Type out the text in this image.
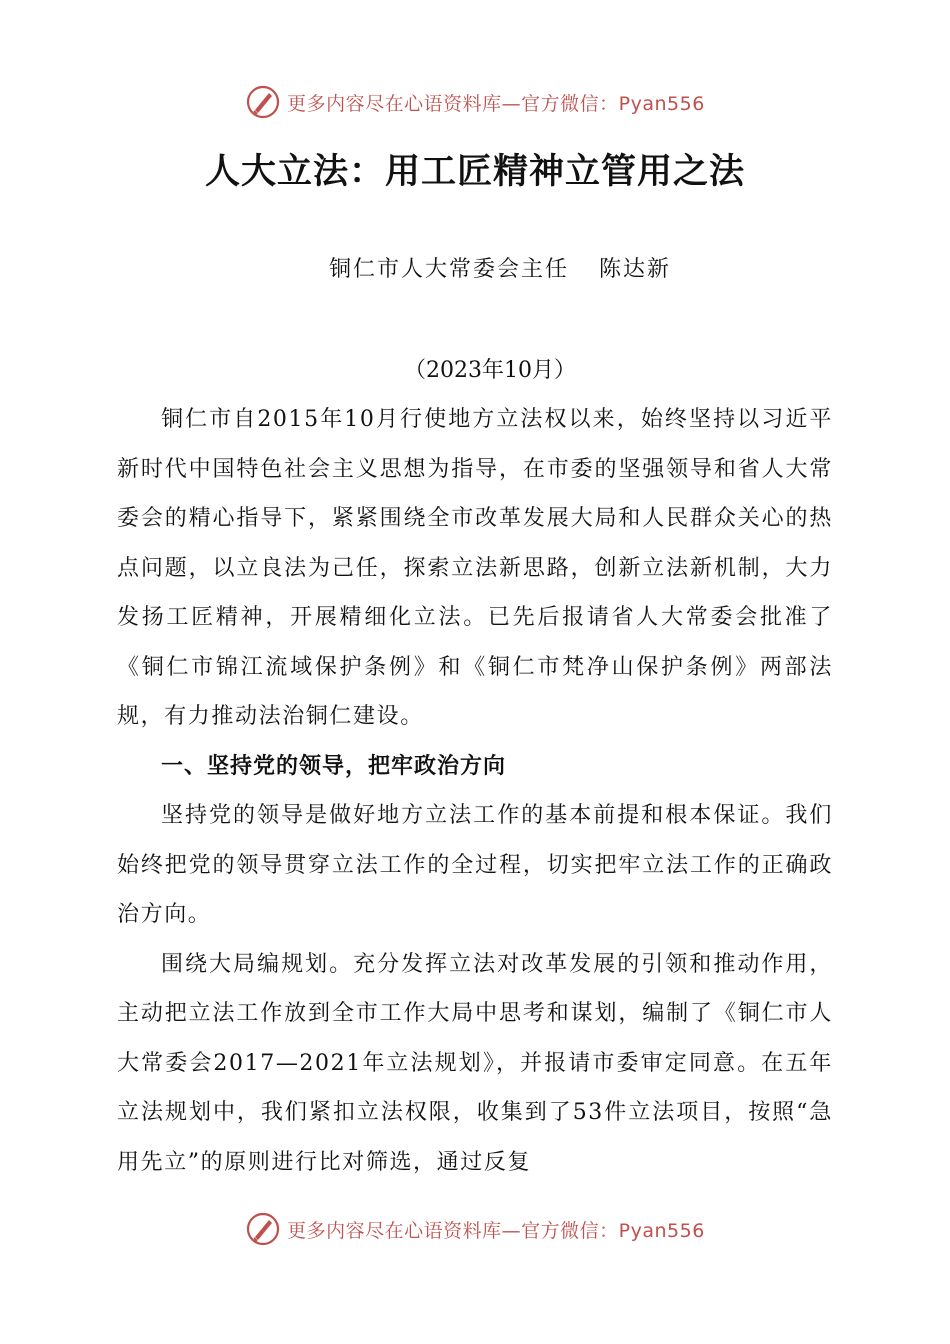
更多内容尽在心语资料库 —官方微信：Pyan556
人大立法：用工匠精神立管用之法
铜仁市人大常委会主任 陈达新
（2023年10月）

铜仁市自2015年10月行使地方立法权以来，始终坚持以习近平新时代中国特色社会主义思想为指导，在市委的坚强领导和省人大常委会的精心指导下，紧紧围绕全市改革发展大局和人民群众关心的热点问题，以立良法为己任，探索立法新思路，创新立法新机制，大力发扬工匠精神，开展精细化立法。已先后报请省人大常委会批准了《铜仁市锦江流域保护条例》和《铜仁市梵净山保护条例》两部法规，有力推动法治铜仁建设。

一、坚持党的领导，把牢政治方向

坚持党的领导是做好地方立法工作的基本前提和根本保证。我们始终把党的领导贯穿立法工作的全过程，切实把牢立法工作的正确政治方向。

围绕大局编规划。充分发挥立法对改革发展的引领和推动作用，主动把立法工作放到全市工作大局中思考和谋划，编制了《铜仁市人大常委会2017—2021年立法规划》，并报请市委审定同意。在五年立法规划中，我们紧扣立法权限，收集到了53件立法项目，按照“急用先立”的原则进行比对筛选，通过反复

更多内容尽在心语资料库 —官方微信：Pyan556
